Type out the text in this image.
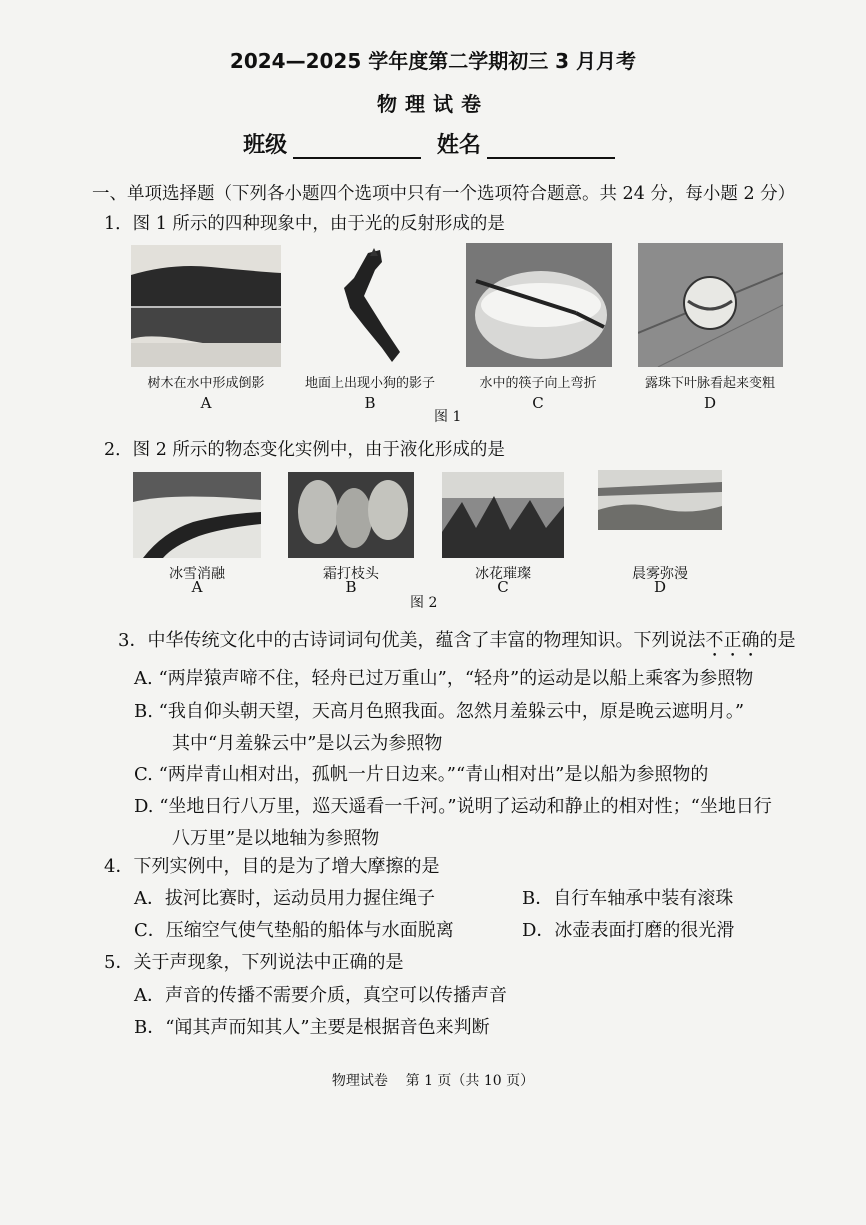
2024—2025 学年度第二学期初三 3 月月考
物理试卷
班级	姓名
一、单项选择题（下列各小题四个选项中只有一个选项符合题意。共 24 分，每小题 2 分）
1．图 1 所示的四种现象中，由于光的反射形成的是
树木在水中形成倒影
A
地面上出现小狗的影子
B
水中的筷子向上弯折
C
露珠下叶脉看起来变粗
D
图 1
2．图 2 所示的物态变化实例中，由于液化形成的是
冰雪消融
A
霜打枝头
B
冰花璀璨
C
晨雾弥漫
D
图 2
3．中华传统文化中的古诗词词句优美，蕴含了丰富的物理知识。下列说法不正确的是
A. “两岸猿声啼不住，轻舟已过万重山”，“轻舟”的运动是以船上乘客为参照物
B. “我自仰头朝天望，天高月色照我面。忽然月羞躲云中，原是晚云遮明月。”
其中“月羞躲云中”是以云为参照物
C. “两岸青山相对出，孤帆一片日边来。”“青山相对出”是以船为参照物的
D. “坐地日行八万里，巡天遥看一千河。”说明了运动和静止的相对性；“坐地日行
八万里”是以地轴为参照物
4．下列实例中，目的是为了增大摩擦的是
A．拔河比赛时，运动员用力握住绳子	B．自行车轴承中装有滚珠
C．压缩空气使气垫船的船体与水面脱离	D．冰壶表面打磨的很光滑
5．关于声现象，下列说法中正确的是
A．声音的传播不需要介质，真空可以传播声音
B．“闻其声而知其人”主要是根据音色来判断
物理试卷    第 1 页（共 10 页）
